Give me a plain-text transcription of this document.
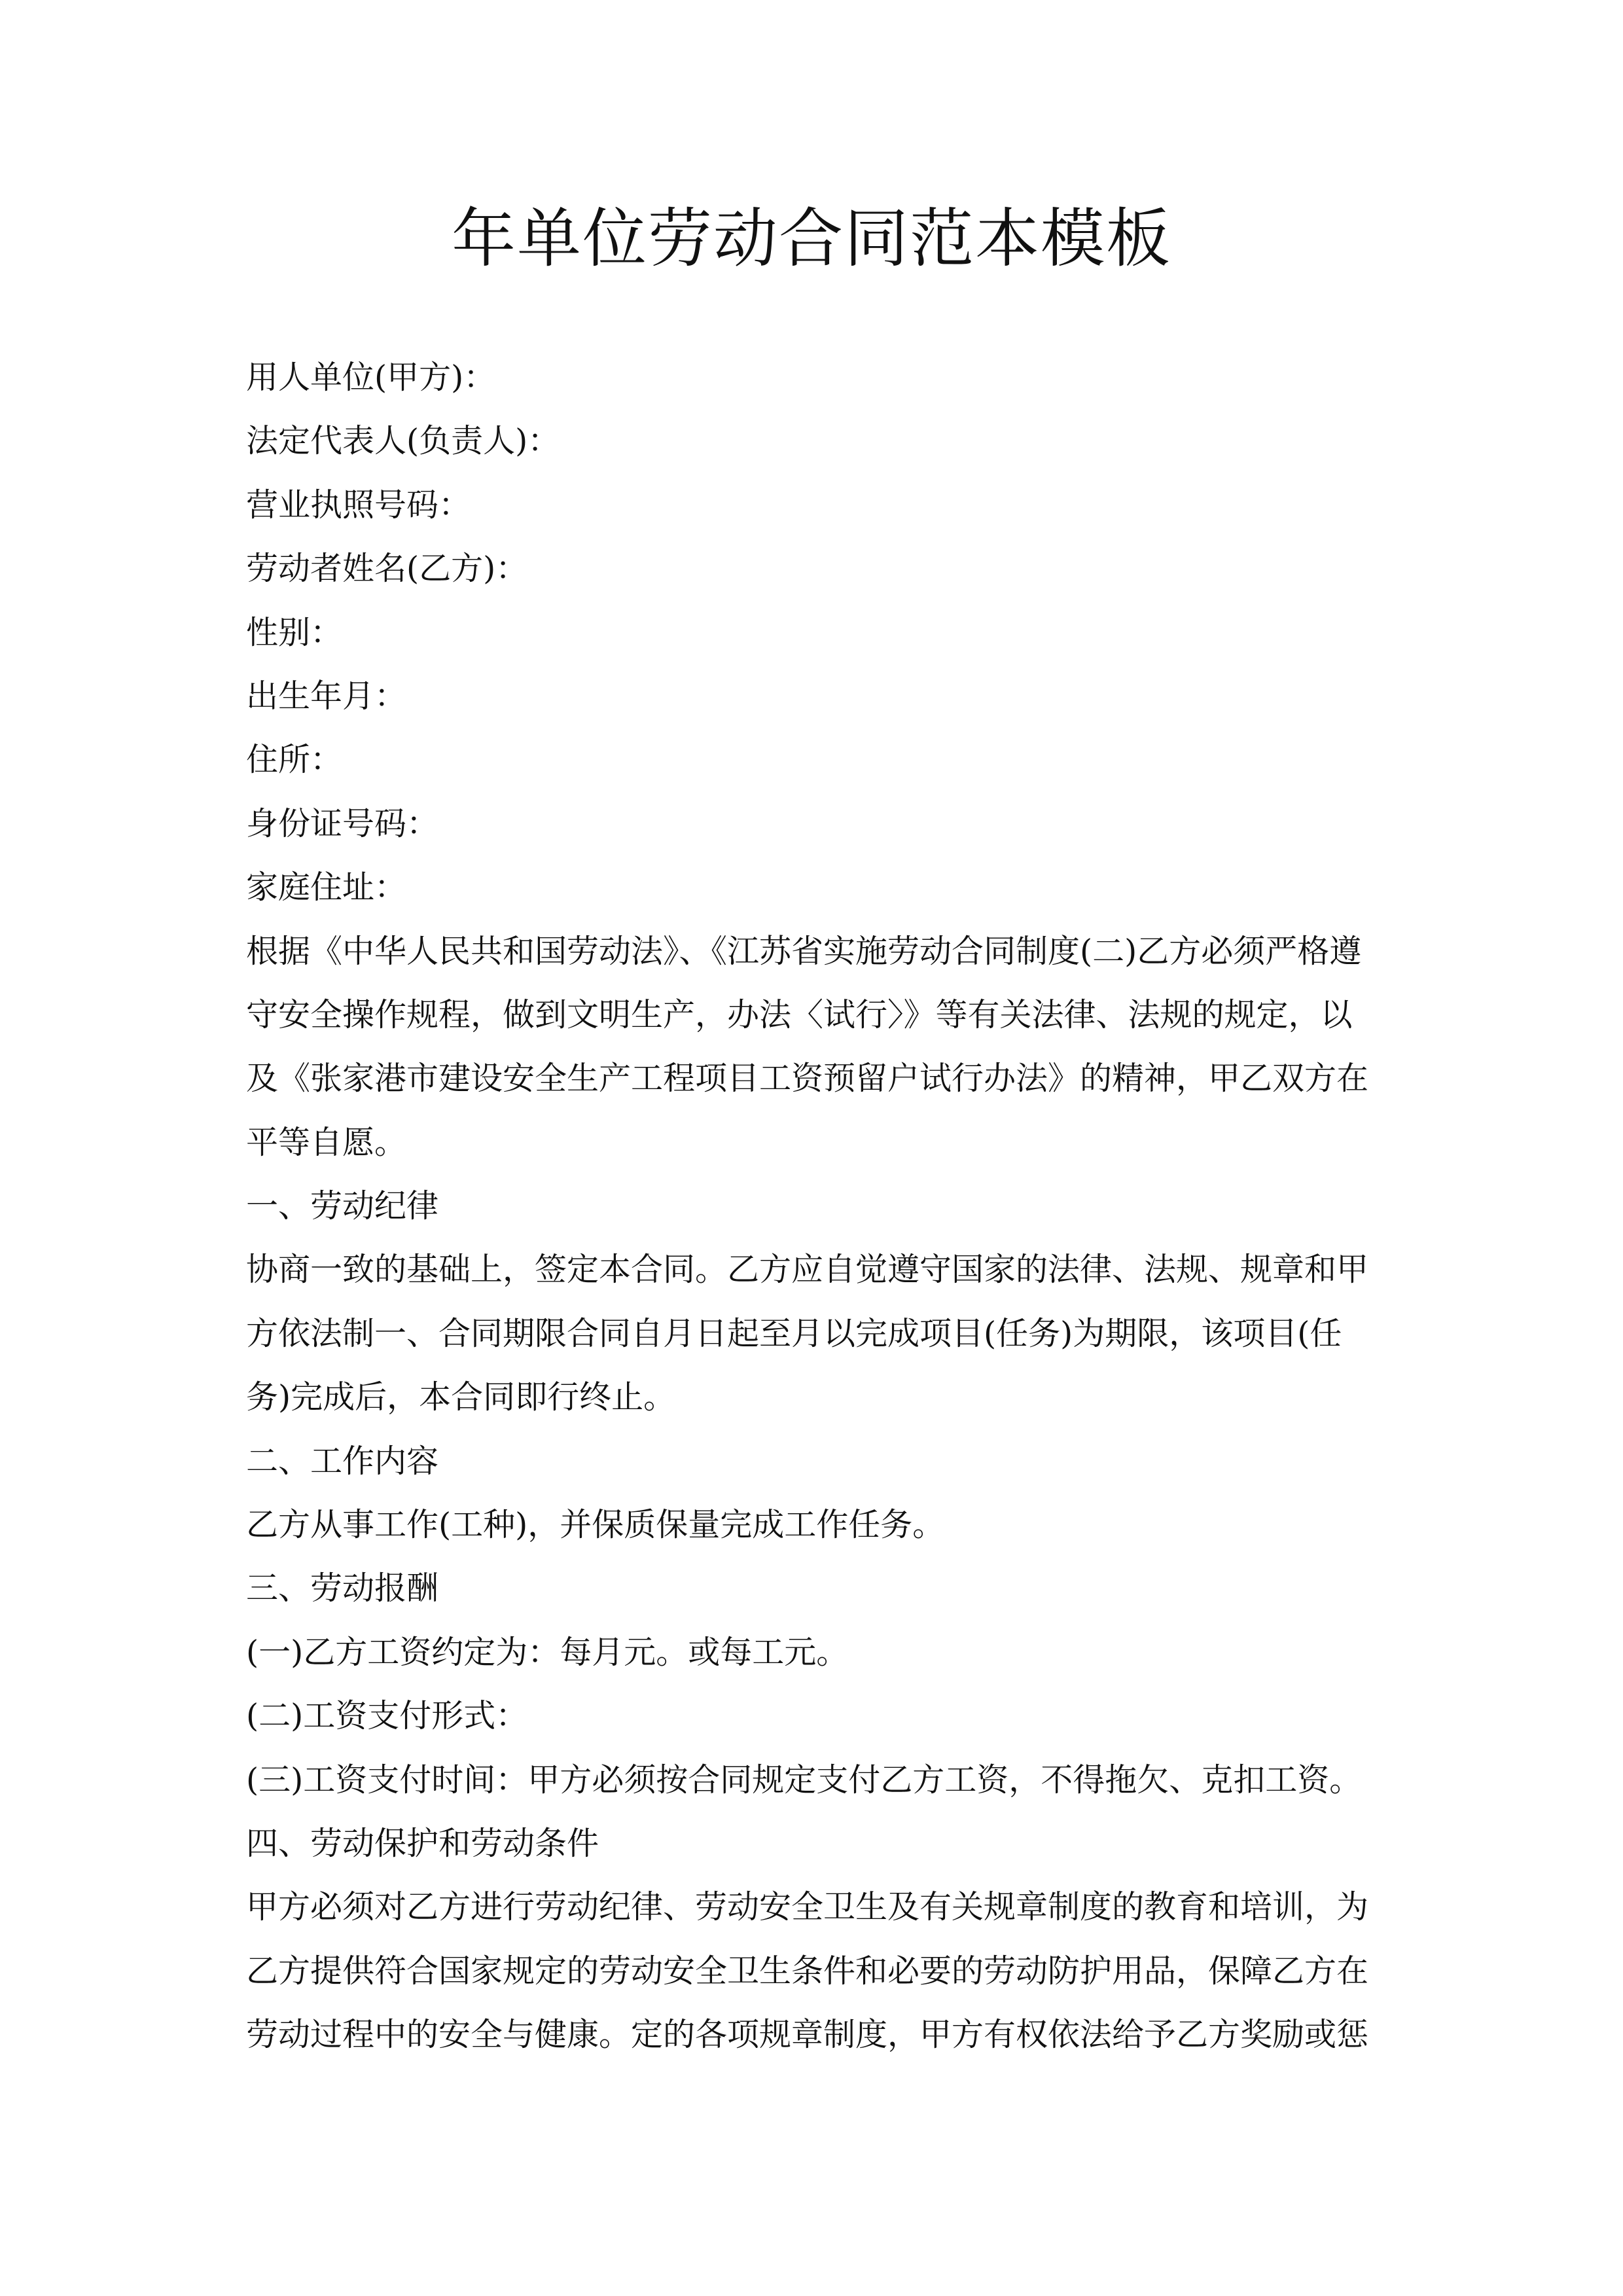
年单位劳动合同范本模板
用人单位(甲方)：
法定代表人(负责人)：
营业执照号码：
劳动者姓名(乙方)：
性别：
出生年月：
住所：
身份证号码：
家庭住址：
根据《中华人民共和国劳动法》、《江苏省实施劳动合同制度(二)乙方必须严格遵
守安全操作规程，做到文明生产，办法〈试行〉》等有关法律、法规的规定，以
及《张家港市建设安全生产工程项目工资预留户试行办法》的精神，甲乙双方在
平等自愿。
一、劳动纪律
协商一致的基础上，签定本合同。乙方应自觉遵守国家的法律、法规、规章和甲
方依法制一、合同期限合同自月日起至月以完成项目(任务)为期限，该项目(任
务)完成后，本合同即行终止。
二、工作内容
乙方从事工作(工种)，并保质保量完成工作任务。
三、劳动报酬
(一)乙方工资约定为：每月元。或每工元。
(二)工资支付形式：
(三)工资支付时间：甲方必须按合同规定支付乙方工资，不得拖欠、克扣工资。
四、劳动保护和劳动条件
甲方必须对乙方进行劳动纪律、劳动安全卫生及有关规章制度的教育和培训，为
乙方提供符合国家规定的劳动安全卫生条件和必要的劳动防护用品，保障乙方在
劳动过程中的安全与健康。定的各项规章制度，甲方有权依法给予乙方奖励或惩
